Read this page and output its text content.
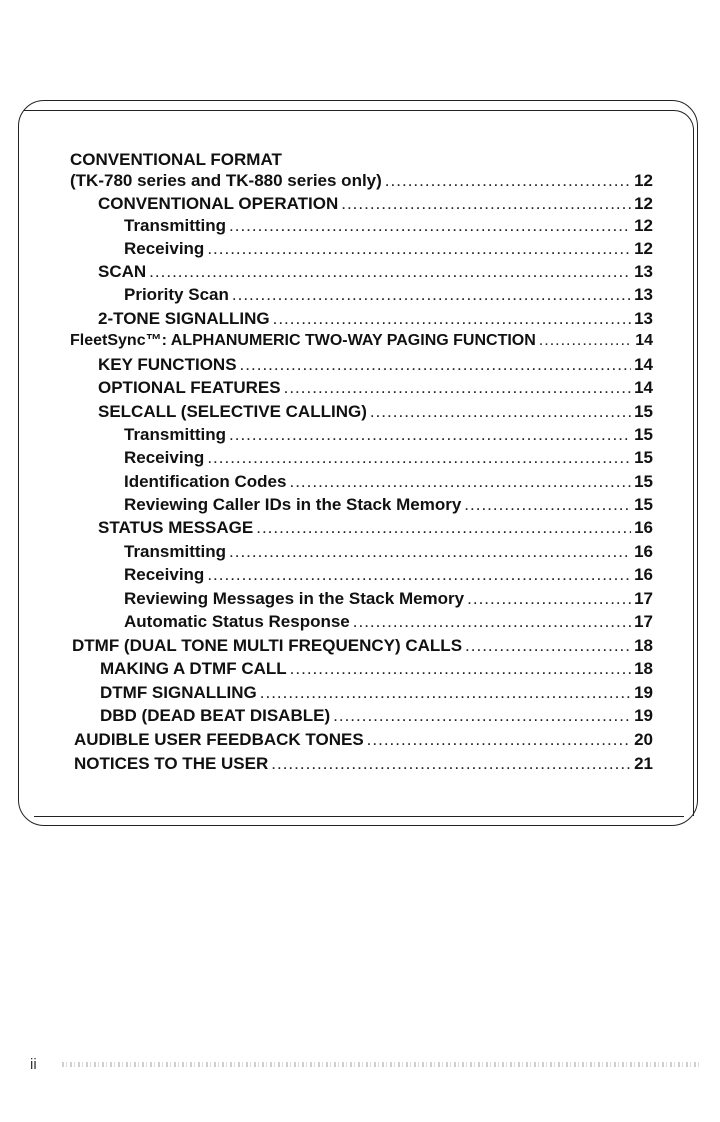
CONVENTIONAL FORMAT
(TK-780 series and TK-880 series only) .....	12
CONVENTIONAL OPERATION .....	12
Transmitting .....	12
Receiving .....	12
SCAN .....	13
Priority Scan .....	13
2-TONE SIGNALLING .....	13
FleetSync™: ALPHANUMERIC TWO-WAY PAGING FUNCTION .....	14
KEY FUNCTIONS .....	14
OPTIONAL FEATURES .....	14
SELCALL (SELECTIVE CALLING) .....	15
Transmitting .....	15
Receiving .....	15
Identification Codes .....	15
Reviewing Caller IDs in the Stack Memory .....	15
STATUS MESSAGE .....	16
Transmitting .....	16
Receiving .....	16
Reviewing Messages in the Stack Memory .....	17
Automatic Status Response .....	17
DTMF (DUAL TONE MULTI FREQUENCY) CALLS .....	18
MAKING A DTMF CALL .....	18
DTMF SIGNALLING .....	19
DBD (DEAD BEAT DISABLE) .....	19
AUDIBLE USER FEEDBACK TONES .....	20
NOTICES TO THE USER .....	21
ii
